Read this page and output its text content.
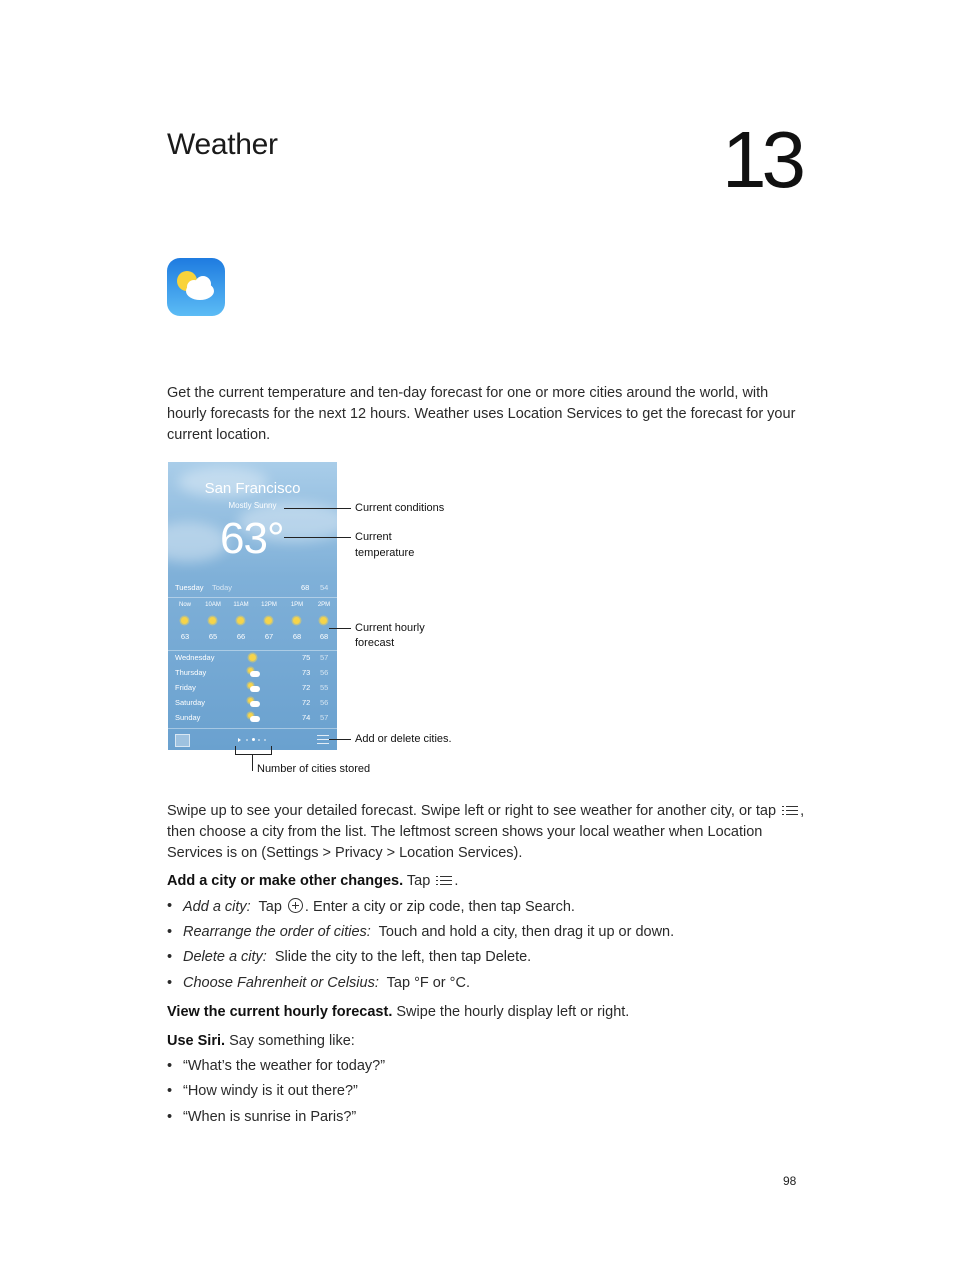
Weather	13
Get the current temperature and ten-day forecast for one or more cities around the world, with hourly forecasts for the next 12 hours. Weather uses Location Services to get the forecast for your current location.
San Francisco
Mostly Sunny
63°
Tuesday Today	68 54
Now	10AM	11AM	12PM	1PM	2PM
63	65	66	67	68	68
Wednesday	75 57
Thursday	73 56
Friday	72 55
Saturday	72 56
Sunday	74 57
Current conditions
Current
temperature
Current hourly
forecast
Add or delete cities.
Number of cities stored
Swipe up to see your detailed forecast. Swipe left or right to see weather for another city, or tap , then choose a city from the list. The leftmost screen shows your local weather when Location Services is on (Settings > Privacy > Location Services).
Add a city or make other changes. Tap .
• Add a city: Tap . Enter a city or zip code, then tap Search.
• Rearrange the order of cities: Touch and hold a city, then drag it up or down.
• Delete a city: Slide the city to the left, then tap Delete.
• Choose Fahrenheit or Celsius: Tap °F or °C.
View the current hourly forecast. Swipe the hourly display left or right.
Use Siri. Say something like:
• “What’s the weather for today?”
• “How windy is it out there?”
• “When is sunrise in Paris?”
98
